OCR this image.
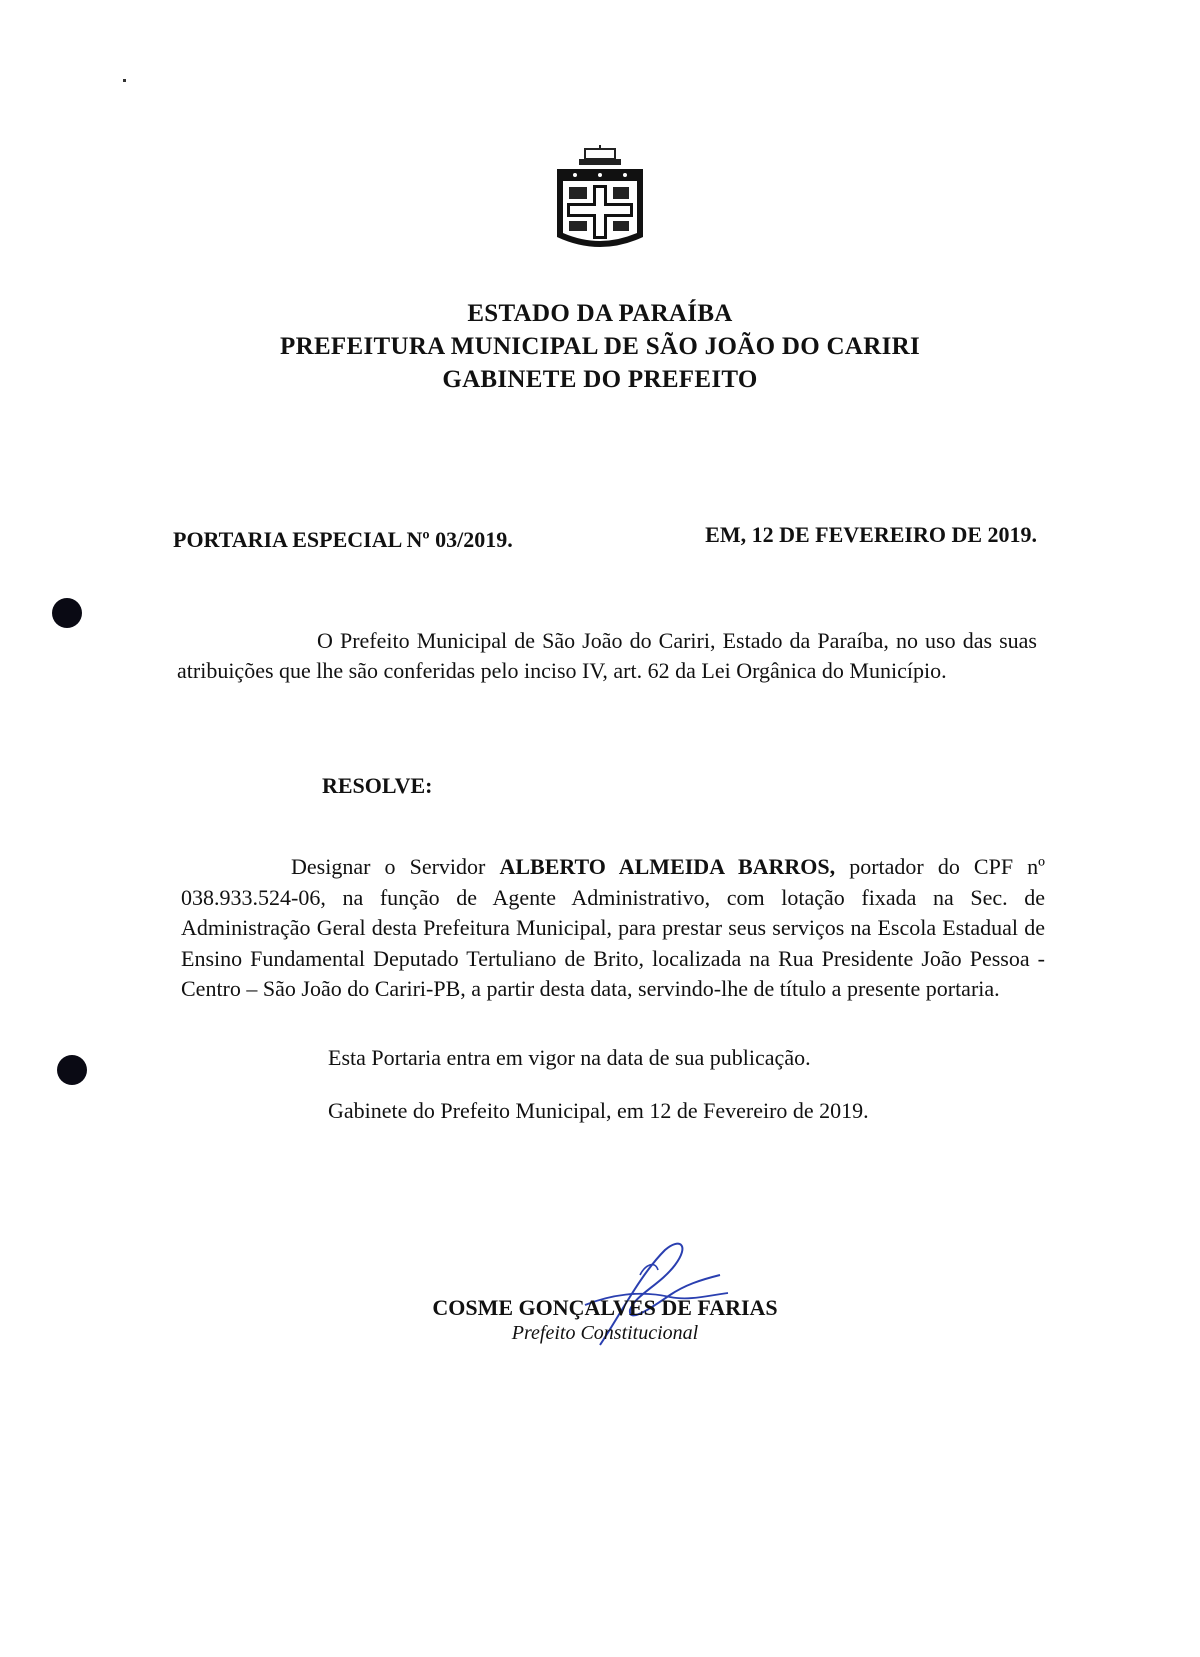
ESTADO DA PARAÍBA
PREFEITURA MUNICIPAL DE SÃO JOÃO DO CARIRI
GABINETE DO PREFEITO
PORTARIA ESPECIAL Nº 03/2019.	EM, 12 DE FEVEREIRO DE 2019.
O Prefeito Municipal de São João do Cariri, Estado da Paraíba, no uso das suas atribuições que lhe são conferidas pelo inciso IV, art. 62 da Lei Orgânica do Município.
RESOLVE:
Designar o Servidor ALBERTO ALMEIDA BARROS, portador do CPF nº 038.933.524-06, na função de Agente Administrativo, com lotação fixada na Sec. de Administração Geral desta Prefeitura Municipal, para prestar seus serviços na Escola Estadual de Ensino Fundamental Deputado Tertuliano de Brito, localizada na Rua Presidente João Pessoa - Centro – São João do Cariri-PB, a partir desta data, servindo-lhe de título a presente portaria.
Esta Portaria entra em vigor na data de sua publicação.
Gabinete do Prefeito Municipal, em 12 de Fevereiro de 2019.
COSME GONÇALVES DE FARIAS
Prefeito Constitucional
